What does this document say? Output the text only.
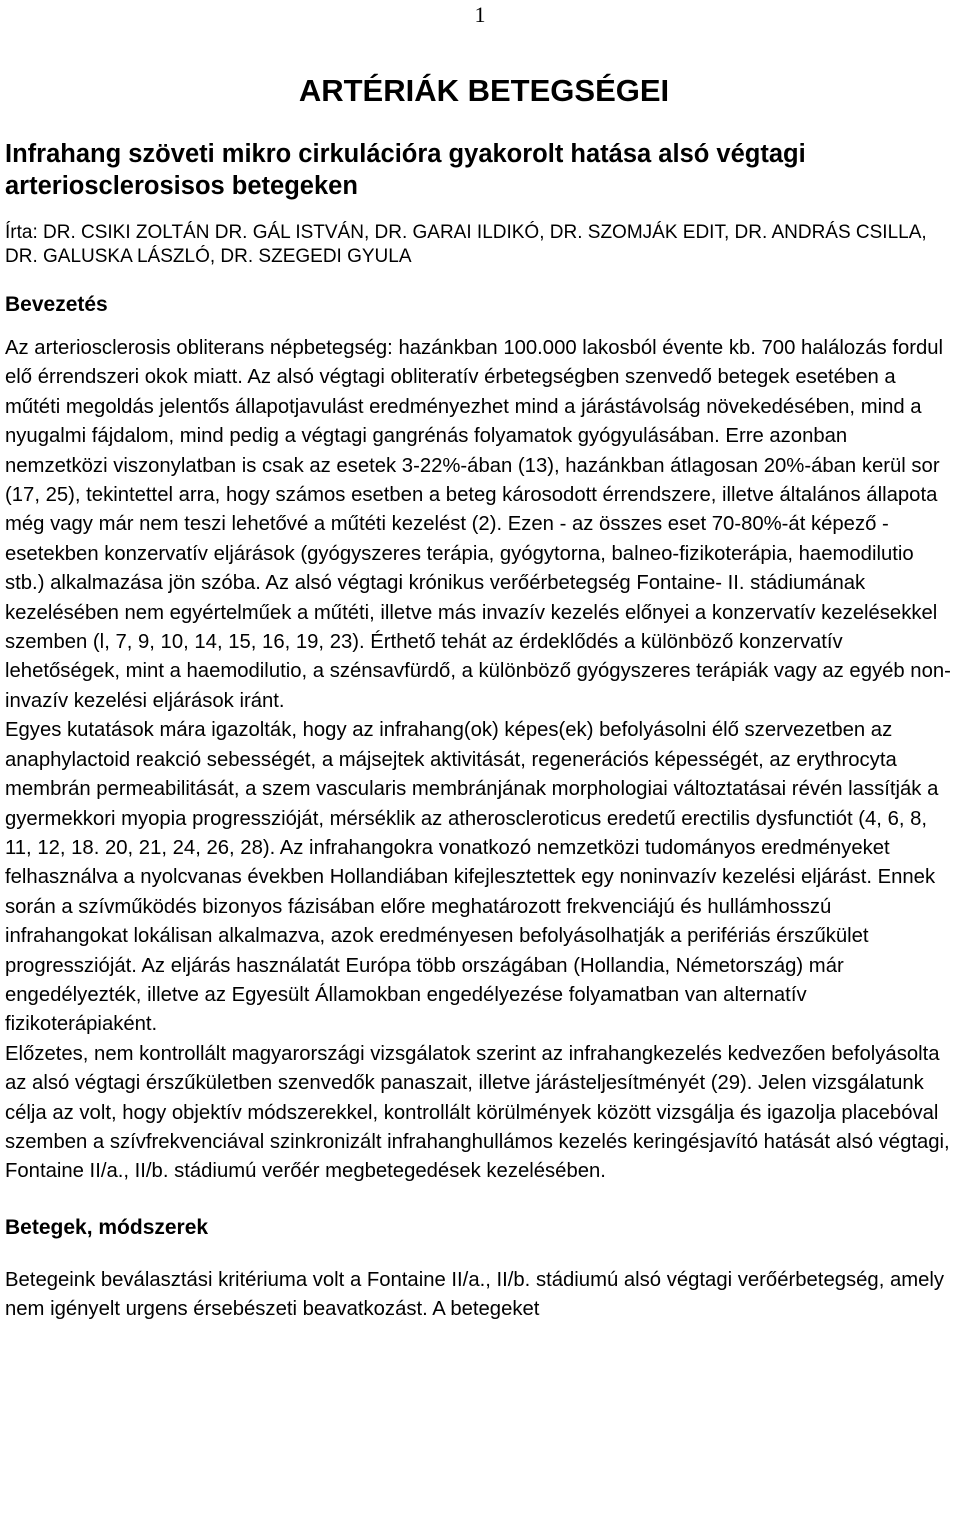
1
ARTÉRIÁK BETEGSÉGEI
Infrahang szöveti mikro cirkulációra gyakorolt hatása alsó végtagi arteriosclerosisos betegeken

Írta: DR. CSIKI ZOLTÁN DR. GÁL ISTVÁN, DR. GARAI ILDIKÓ, DR. SZOMJÁK EDIT, DR. ANDRÁS CSILLA, DR. GALUSKA LÁSZLÓ, DR. SZEGEDI GYULA

Bevezetés

Az arteriosclerosis obliterans népbetegség: hazánkban 100.000 lakosból évente kb. 700 halálozás fordul elő érrendszeri okok miatt. Az alsó végtagi obliteratív érbetegségben szenvedő betegek esetében a műtéti megoldás jelentős állapotjavulást eredményezhet mind a járástávolság növekedésében, mind a nyugalmi fájdalom, mind pedig a végtagi gangrénás folyamatok gyógyulásában. Erre azonban nemzetközi viszonylatban is csak az esetek 3-22%-ában (13), hazánkban átlagosan 20%-ában kerül sor (17, 25), tekintettel arra, hogy számos esetben a beteg károsodott érrendszere, illetve általános állapota még vagy már nem teszi lehetővé a műtéti kezelést (2). Ezen - az összes eset 70-80%-át képező - esetekben konzervatív eljárások (gyógyszeres terápia, gyógytorna, balneo-fizikoterápia, haemodilutio stb.) alkalmazása jön szóba. Az alsó végtagi krónikus verőérbetegség Fontaine- II. stádiumának kezelésében nem egyértelműek a műtéti, illetve más invazív kezelés előnyei a konzervatív kezelésekkel szemben (l, 7, 9, 10, 14, 15, 16, 19, 23). Érthető tehát az érdeklődés a különböző konzervatív lehetőségek, mint a haemodilutio, a szénsavfürdő, a különböző gyógyszeres terápiák vagy az egyéb non-invazív kezelési eljárások iránt.

Egyes kutatások mára igazolták, hogy az infrahang(ok) képes(ek) befolyásolni élő szervezetben az anaphylactoid reakció sebességét, a májsejtek aktivitását, regenerációs képességét, az erythrocyta membrán permeabilitását, a szem vascularis membránjának morphologiai változtatásai révén lassítják a gyermekkori myopia progresszióját, mérséklik az atheroscleroticus eredetű erectilis dysfunctiót (4, 6, 8, 11, 12, 18. 20, 21, 24, 26, 28). Az infrahangokra vonatkozó nemzetközi tudományos eredményeket felhasználva a nyolcvanas években Hollandiában kifejlesztettek egy noninvazív kezelési eljárást. Ennek során a szívműködés bizonyos fázisában előre meghatározott frekvenciájú és hullámhosszú infrahangokat lokálisan alkalmazva, azok eredményesen befolyásolhatják a perifériás érszűkület progresszióját. Az eljárás használatát Európa több országában (Hollandia, Németország) már engedélyezték, illetve az Egyesült Államokban engedélyezése folyamatban van alternatív fizikoterápiaként.

Előzetes, nem kontrollált magyarországi vizsgálatok szerint az infrahangkezelés kedvezően befolyásolta az alsó végtagi érszűkületben szenvedők panaszait, illetve járásteljesítményét (29). Jelen vizsgálatunk célja az volt, hogy objektív módszerekkel, kontrollált körülmények között vizsgálja és igazolja placebóval szemben a szívfrekvenciával szinkronizált infrahanghullámos kezelés keringésjavító hatását alsó végtagi, Fontaine II/a., II/b. stádiumú verőér megbetegedések kezelésében.

Betegek, módszerek

Betegeink beválasztási kritériuma volt a Fontaine II/a., II/b. stádiumú alsó végtagi verőérbetegség, amely nem igényelt urgens érsebészeti beavatkozást. A betegeket
